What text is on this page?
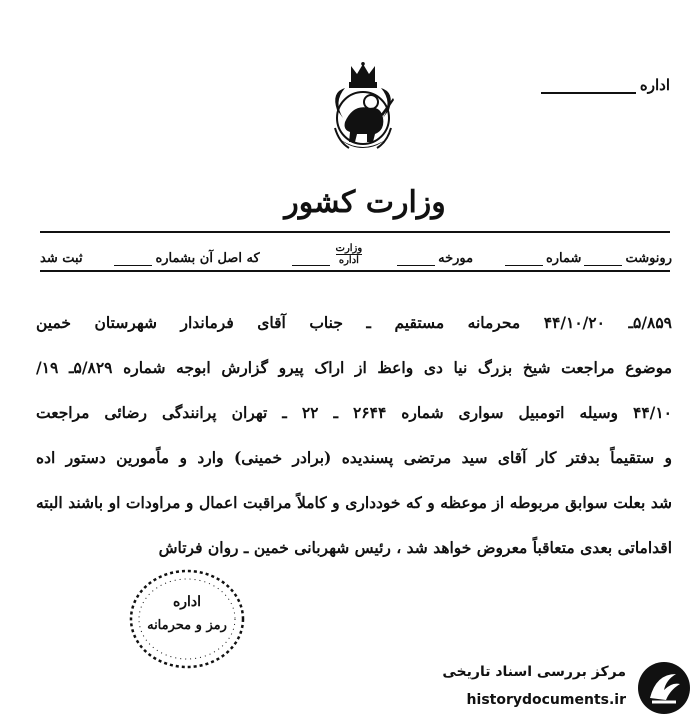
اداره
وزارت کشور
رونوشت
شماره
مورخه
وزارت
اداره
که اصل آن بشماره
ثبت شد
۵/۸۵۹ـ ۴۴/۱۰/۲۰ محرمانه مستقیم ـ جناب آقای فرماندار شهرستان خمین
موضوع مراجعت شیخ بزرگ نیا دی واعظ از اراک پیرو گزارش ابوجه شماره ۵/۸۲۹ـ ۱۹/
۴۴/۱۰ وسیله اتومبیل سواری شماره ۲۶۴۴ ـ ۲۲ ـ تهران پرانندگی رضائی مراجعت
و ستقیماً بدفتر کار آقای سید مرتضی پسندیده (برادر خمینی) وارد و ماًمورین دستور اده
شد بعلت سوابق مربوطه از موعظه و که خودداری و کاملاً مراقبت اعمال و مراودات او باشند البته
اقداماتی بعدی متعاقباً معروض خواهد شد ، رئیس شهربانی خمین ـ روان فرتاش
اداره
رمز و محرمانه
مرکز بررسی اسناد تاریخی
historydocuments.ir
